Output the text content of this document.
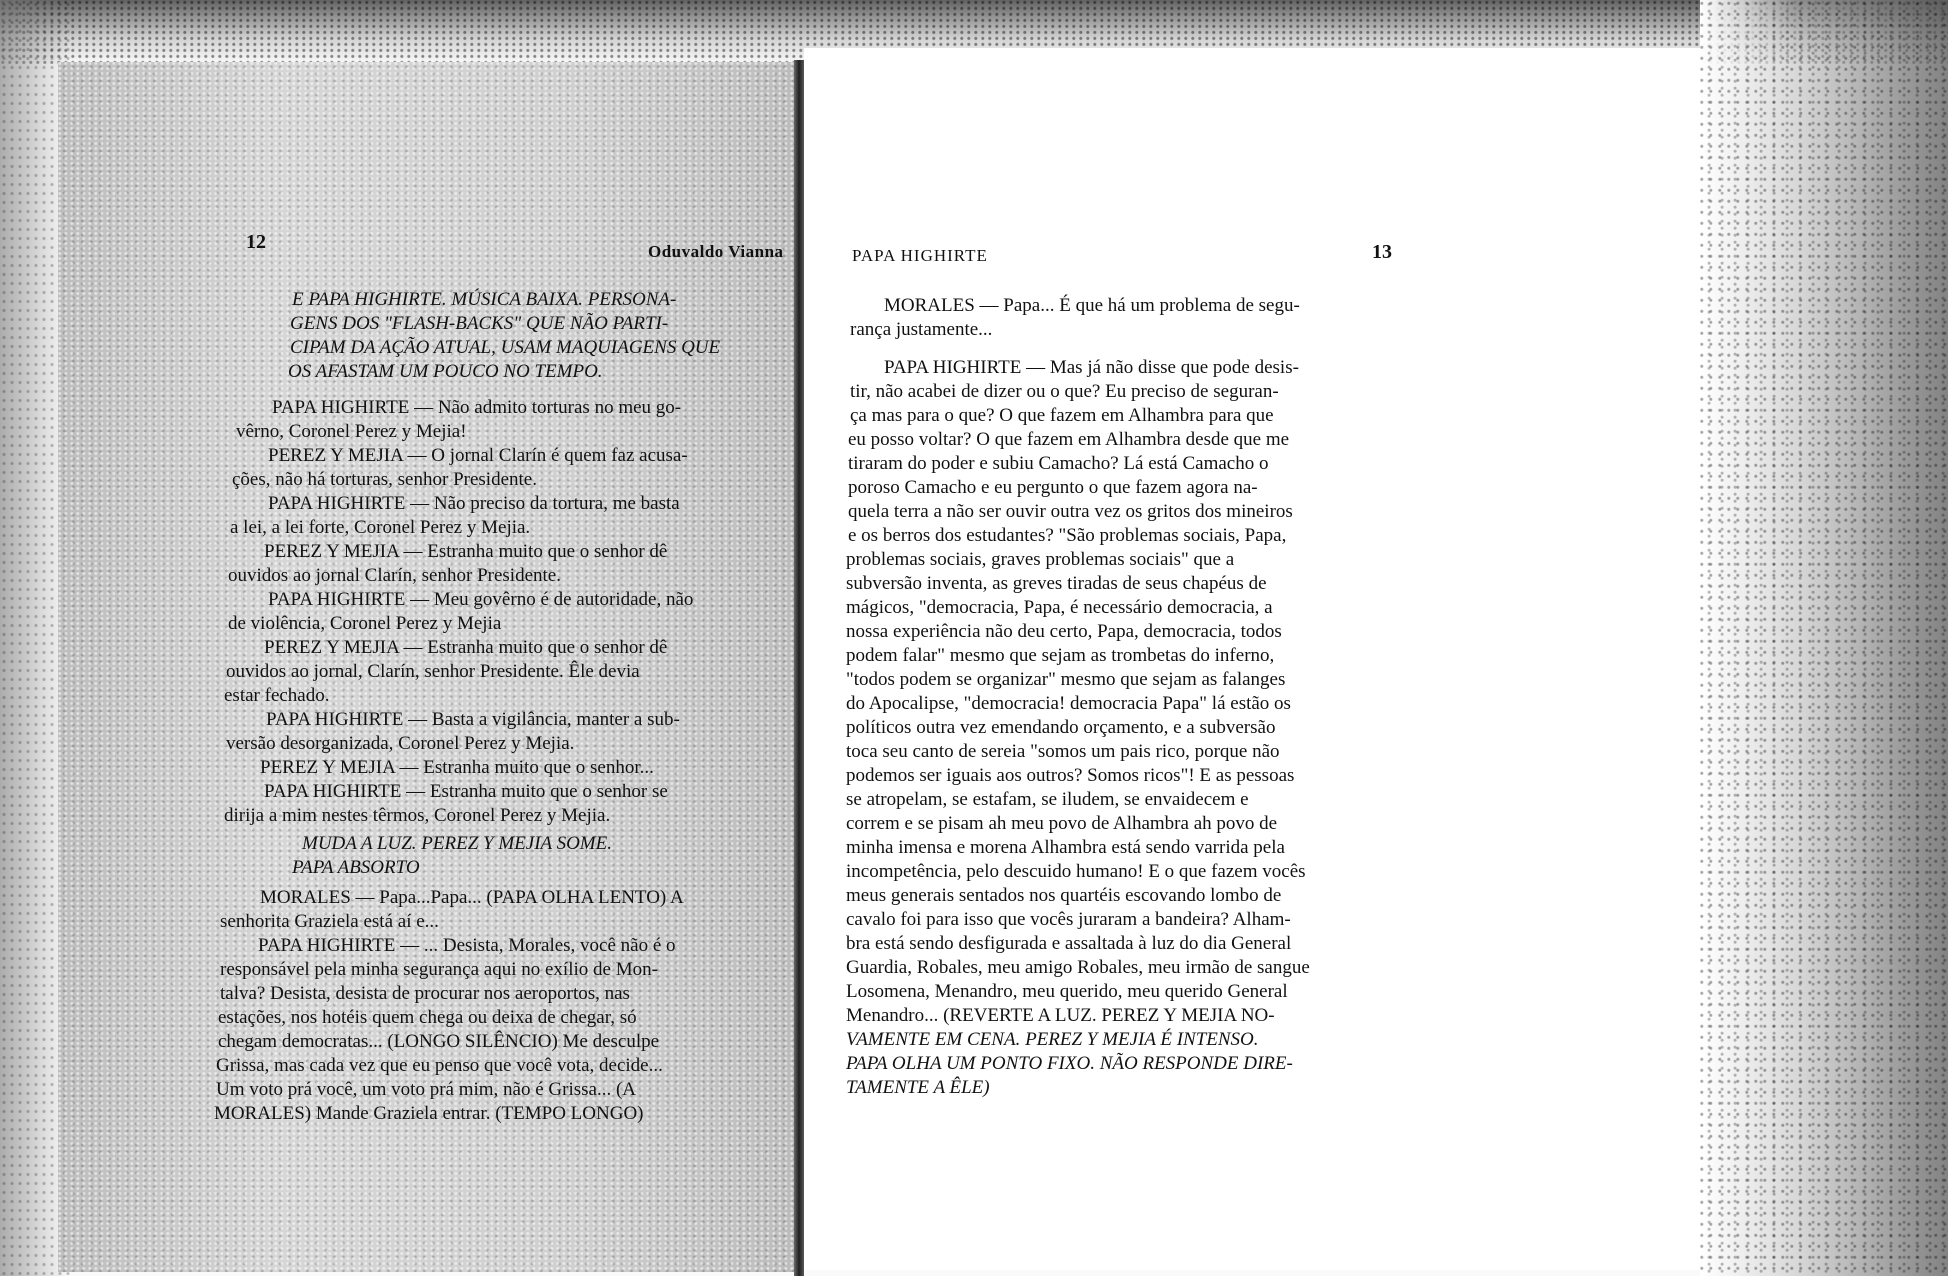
12	Oduvaldo Vianna
E PAPA HIGHIRTE. MÚSICA BAIXA. PERSONA-
GENS DOS "FLASH-BACKS" QUE NÃO PARTI-
CIPAM DA AÇÃO ATUAL, USAM MAQUIAGENS QUE
OS AFASTAM UM POUCO NO TEMPO.
PAPA HIGHIRTE — Não admito torturas no meu go-
vêrno, Coronel Perez y Mejia!
PEREZ Y MEJIA — O jornal Clarín é quem faz acusa-
ções, não há torturas, senhor Presidente.
PAPA HIGHIRTE — Não preciso da tortura, me basta
a lei, a lei forte, Coronel Perez y Mejia.
PEREZ Y MEJIA — Estranha muito que o senhor dê
ouvidos ao jornal Clarín, senhor Presidente.
PAPA HIGHIRTE — Meu govêrno é de autoridade, não
de violência, Coronel Perez y Mejia
PEREZ Y MEJIA — Estranha muito que o senhor dê
ouvidos ao jornal, Clarín, senhor Presidente. Êle devia
estar fechado.
PAPA HIGHIRTE — Basta a vigilância, manter a sub-
versão desorganizada, Coronel Perez y Mejia.
PEREZ Y MEJIA — Estranha muito que o senhor...
PAPA HIGHIRTE — Estranha muito que o senhor se
dirija a mim nestes têrmos, Coronel Perez y Mejia.
MUDA A LUZ. PEREZ Y MEJIA SOME.
PAPA ABSORTO
MORALES — Papa...Papa... (PAPA OLHA LENTO) A
senhorita Graziela está aí e...
PAPA HIGHIRTE — ... Desista, Morales, você não é o
responsável pela minha segurança aqui no exílio de Mon-
talva? Desista, desista de procurar nos aeroportos, nas
estações, nos hotéis quem chega ou deixa de chegar, só
chegam democratas... (LONGO SILÊNCIO) Me desculpe
Grissa, mas cada vez que eu penso que você vota, decide...
Um voto prá você, um voto prá mim, não é Grissa... (A
MORALES) Mande Graziela entrar. (TEMPO LONGO)
PAPA HIGHIRTE	13
MORALES — Papa... É que há um problema de segu-
rança justamente...
PAPA HIGHIRTE — Mas já não disse que pode desis-
tir, não acabei de dizer ou o que? Eu preciso de seguran-
ça mas para o que? O que fazem em Alhambra para que
eu posso voltar? O que fazem em Alhambra desde que me
tiraram do poder e subiu Camacho? Lá está Camacho o
poroso Camacho e eu pergunto o que fazem agora na-
quela terra a não ser ouvir outra vez os gritos dos mineiros
e os berros dos estudantes? "São problemas sociais, Papa,
problemas sociais, graves problemas sociais" que a
subversão inventa, as greves tiradas de seus chapéus de
mágicos, "democracia, Papa, é necessário democracia, a
nossa experiência não deu certo, Papa, democracia, todos
podem falar" mesmo que sejam as trombetas do inferno,
"todos podem se organizar" mesmo que sejam as falanges
do Apocalipse, "democracia! democracia Papa" lá estão os
políticos outra vez emendando orçamento, e a subversão
toca seu canto de sereia "somos um pais rico, porque não
podemos ser iguais aos outros? Somos ricos"! E as pessoas
se atropelam, se estafam, se iludem, se envaidecem e
correm e se pisam ah meu povo de Alhambra ah povo de
minha imensa e morena Alhambra está sendo varrida pela
incompetência, pelo descuido humano! E o que fazem vocês
meus generais sentados nos quartéis escovando lombo de
cavalo foi para isso que vocês juraram a bandeira? Alham-
bra está sendo desfigurada e assaltada à luz do dia General
Guardia, Robales, meu amigo Robales, meu irmão de sangue
Losomena, Menandro, meu querido, meu querido General
Menandro... (REVERTE A LUZ. PEREZ Y MEJIA NO-
VAMENTE EM CENA. PEREZ Y MEJIA É INTENSO.
PAPA OLHA UM PONTO FIXO. NÃO RESPONDE DIRE-
TAMENTE A ÊLE)
